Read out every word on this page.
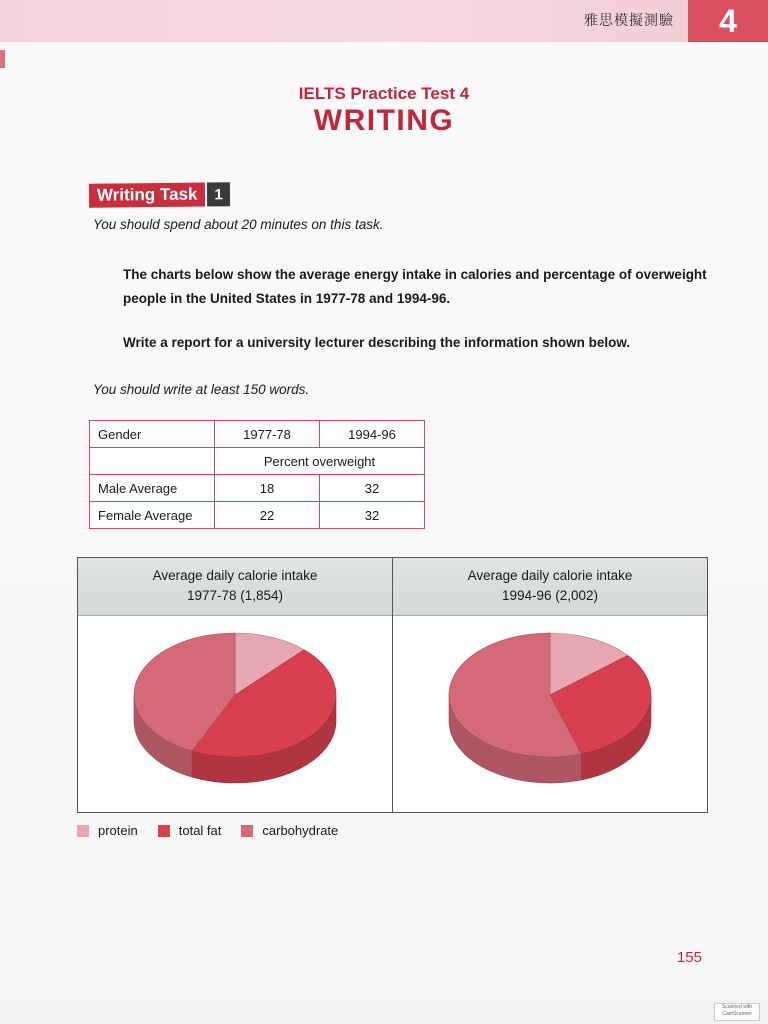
雅思模擬測驗	4
IELTS Practice Test 4
WRITING
Writing Task	1
You should spend about 20 minutes on this task.
The charts below show the average energy intake in calories and percentage of overweight people in the United States in 1977-78 and 1994-96.
Write a report for a university lecturer describing the information shown below.
You should write at least 150 words.
Gender	1977-78	1994-96
	Percent overweight	
Male Average	18	32
Female Average	22	32
Average daily calorie intake
1977-78 (1,854)
Average daily calorie intake
1994-96 (2,002)
protein	total fat	carbohydrate
155
Scanned with CamScanner
